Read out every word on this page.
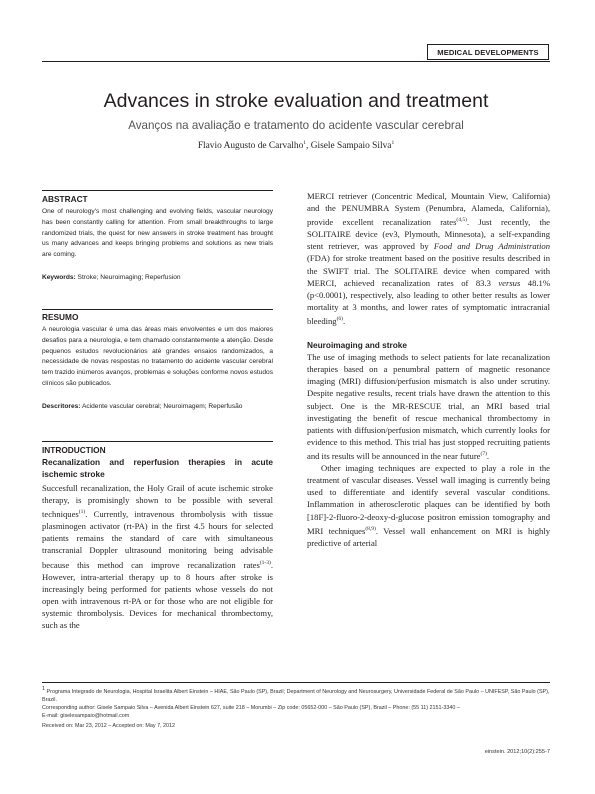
MEDICAL DEVELOPMENTS
Advances in stroke evaluation and treatment
Avanços na avaliação e tratamento do acidente vascular cerebral
Flavio Augusto de Carvalho$^1$, Gisele Sampaio Silva$^1$
ABSTRACT

One of neurology’s most challenging and evolving fields, vascular neurology has been constantly calling for attention. From small breakthroughs to large randomized trials, the quest for new answers in stroke treatment has brought us many advances and keeps bringing problems and solutions as new trials are coming.

Keywords: Stroke; Neuroimaging; Reperfusion
RESUMO

A neurologia vascular é uma das áreas mais envolventes e um dos maiores desafios para a neurologia, e tem chamado constantemente a atenção. Desde pequenos estudos revolucionários até grandes ensaios randomizados, a necessidade de novas respostas no tratamento do acidente vascular cerebral tem trazido inúmeros avanços, problemas e soluções conforme novos estudos clínicos são publicados.

Descritores: Acidente vascular cerebral; Neuroimagem; Reperfusão
INTRODUCTION
Recanalization and reperfusion therapies in acute ischemic stroke

Succesfull recanalization, the Holy Grail of acute ischemic stroke therapy, is promisingly shown to be possible with several techniques$^{(1)}$. Currently, intravenous thrombolysis with tissue plasminogen activator (rt-PA) in the first 4.5 hours for selected patients remains the standard of care with simultaneous transcranial Doppler ultrasound monitoring being advisable because this method can improve recanalization rates$^{(1-3)}$. However, intra-arterial therapy up to 8 hours after stroke is increasingly being performed for patients whose vessels do not open with intravenous rt-PA or for those who are not eligible for systemic thrombolysis. Devices for mechanical thrombectomy, such as the

MERCI retriever (Concentric Medical, Mountain View, California) and the PENUMBRA System (Penumbra, Alameda, California), provide excellent recanalization rates$^{(4,5)}$. Just recently, the SOLITAIRE device (ev3, Plymouth, Minnesota), a self-expanding stent retriever, was approved by Food and Drug Administration (FDA) for stroke treatment based on the positive results described in the SWIFT trial. The SOLITAIRE device when compared with MERCI, achieved recanalization rates of 83.3 versus 48.1% (p<0.0001), respectively, also leading to other better results as lower mortality at 3 months, and lower rates of symptomatic intracranial bleeding$^{(6)}$.

Neuroimaging and stroke

The use of imaging methods to select patients for late recanalization therapies based on a penumbral pattern of magnetic resonance imaging (MRI) diffusion/perfusion mismatch is also under scrutiny. Despite negative results, recent trials have drawn the attention to this subject. One is the MR-RESCUE trial, an MRI based trial investigating the benefit of rescue mechanical thrombectomy in patients with diffusion/perfusion mismatch, which currently looks for evidence to this method. This trial has just stopped recruiting patients and its results will be announced in the near future$^{(7)}$.

Other imaging techniques are expected to play a role in the treatment of vascular diseases. Vessel wall imaging is currently being used to differentiate and identify several vascular conditions. Inflammation in atherosclerotic plaques can be identified by both [18F]-2-fluoro-2-deoxy-d-glucose positron emission tomography and MRI techniques$^{(8,9)}$. Vessel wall enhancement on MRI is highly predictive of arterial

$^1$ Programa Integrado de Neurologia, Hospital Israelita Albert Einstein – HIAE, São Paulo (SP), Brazil; Department of Neurology and Neurosurgery, Universidade Federal de São Paulo – UNIFESP, São Paulo (SP), Brazil.

Corresponding author: Gisele Sampaio Silva – Avenida Albert Einstein 627, suite 218 – Morumbi – Zip code: 05652-000 – São Paulo (SP), Brazil – Phone: (55 11) 2151-3340 –

E-mail: giselesampaio@hotmail.com

Received on: Mar 23, 2012 – Accepted on: May 7, 2012

einstein. 2012;10(2):255-7
